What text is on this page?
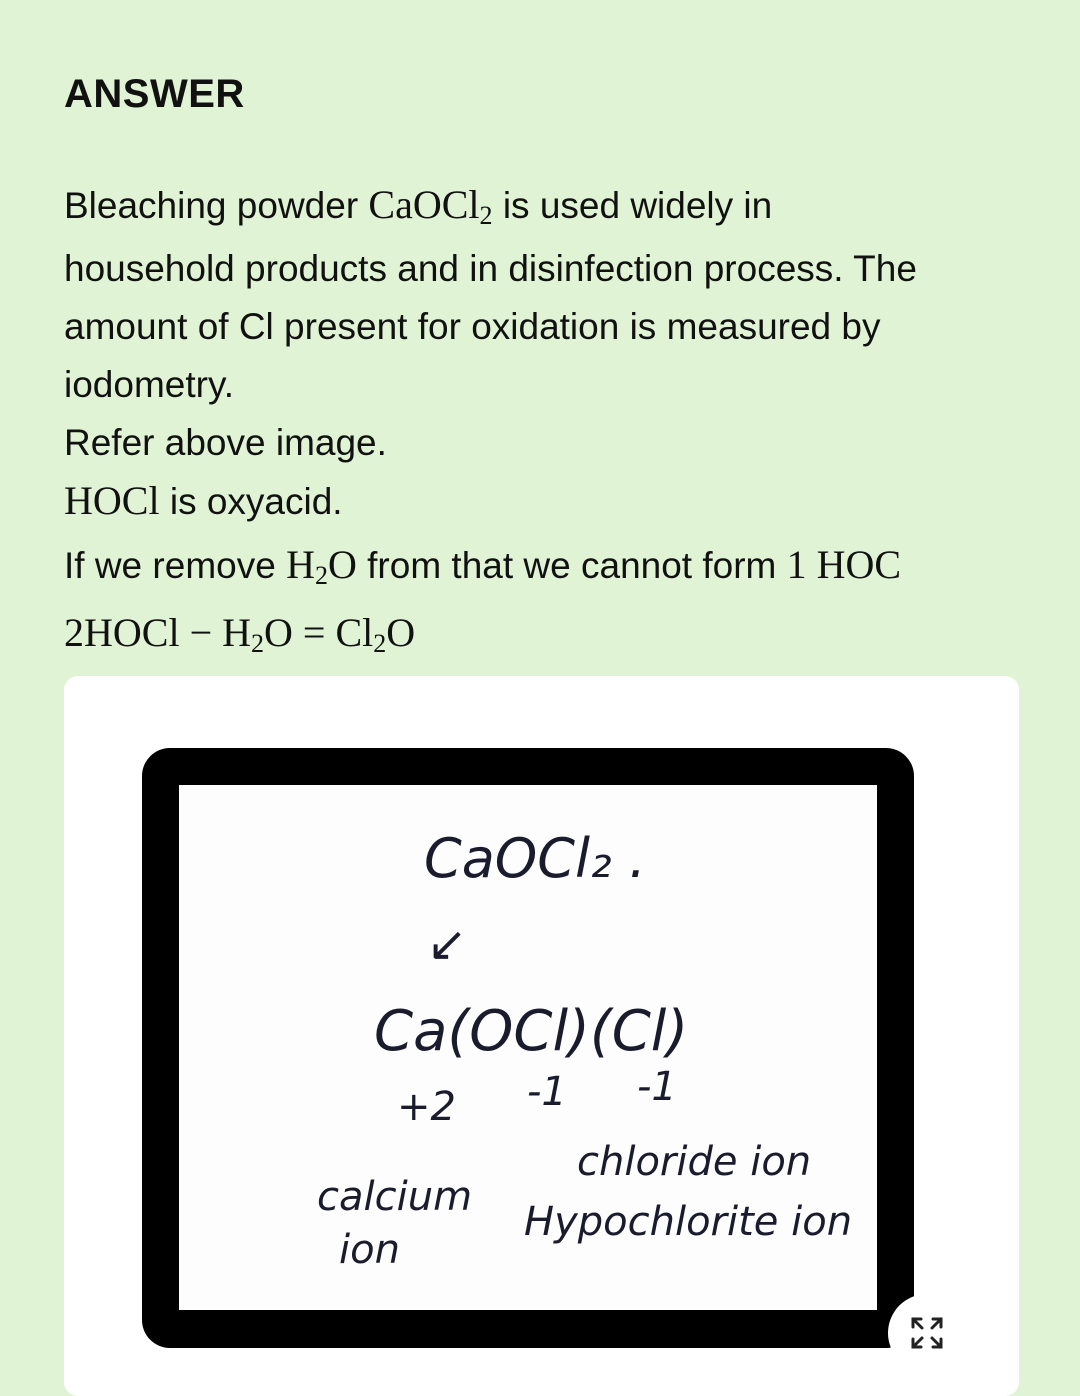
ANSWER
Bleaching powder CaOCl$_2$ is used widely in
household products and in disinfection process. The
amount of Cl present for oxidation is measured by
iodometry.
Refer above image.
HOCl is oxyacid.
If we remove $H_2O$ from that we cannot form 1 HOC
2HOCl − $H_2O = Cl_2O$
CaOCl₂ .
↙
Ca(OCl)(Cl)
+2 -1 -1
chloride ion
calcium
ion
Hypochlorite ion
